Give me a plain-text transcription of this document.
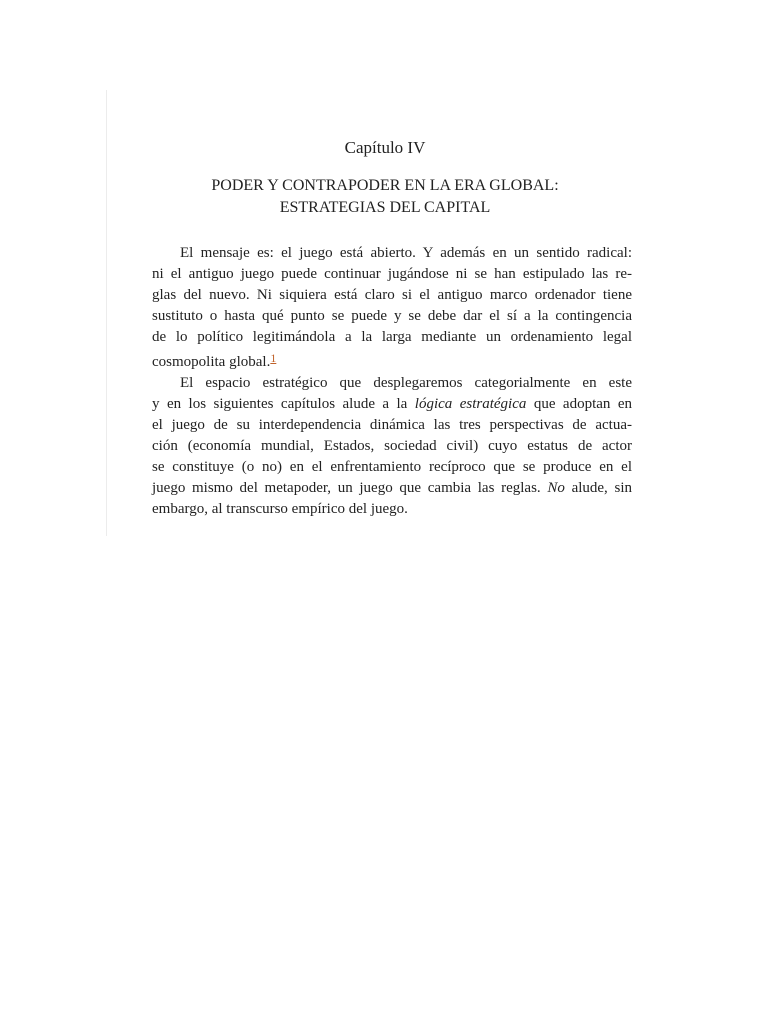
Capítulo IV
PODER Y CONTRAPODER EN LA ERA GLOBAL:
ESTRATEGIAS DEL CAPITAL
El mensaje es: el juego está abierto. Y además en un sentido radical:
ni el antiguo juego puede continuar jugándose ni se han estipulado las re-
glas del nuevo. Ni siquiera está claro si el antiguo marco ordenador tiene
sustituto o hasta qué punto se puede y se debe dar el sí a la contingencia
de lo político legitimándola a la larga mediante un ordenamiento legal
cosmopolita global.$^1$
El espacio estratégico que desplegaremos categorialmente en este
y en los siguientes capítulos alude a la lógica estratégica que adoptan en
el juego de su interdependencia dinámica las tres perspectivas de actua-
ción (economía mundial, Estados, sociedad civil) cuyo estatus de actor
se constituye (o no) en el enfrentamiento recíproco que se produce en el
juego mismo del metapoder, un juego que cambia las reglas. No alude, sin
embargo, al transcurso empírico del juego.
